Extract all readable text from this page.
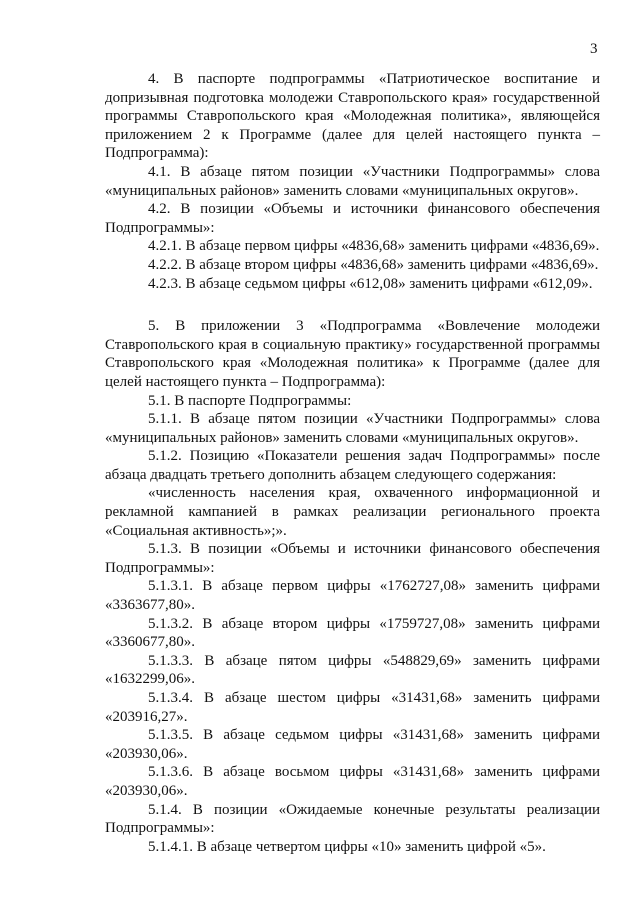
3

4. В паспорте подпрограммы «Патриотическое воспитание и допризывная подготовка молодежи Ставропольского края» государственной программы Ставропольского края «Молодежная политика», являющейся приложением 2 к Программе (далее для целей настоящего пункта – Подпрограмма):

4.1. В абзаце пятом позиции «Участники Подпрограммы» слова «муниципальных районов» заменить словами «муниципальных округов».

4.2. В позиции «Объемы и источники финансового обеспечения Подпрограммы»:

4.2.1. В абзаце первом цифры «4836,68» заменить цифрами «4836,69».

4.2.2. В абзаце втором цифры «4836,68» заменить цифрами «4836,69».

4.2.3. В абзаце седьмом цифры «612,08» заменить цифрами «612,09».

5. В приложении 3 «Подпрограмма «Вовлечение молодежи Ставропольского края в социальную практику» государственной программы Ставропольского края «Молодежная политика» к Программе (далее для целей настоящего пункта – Подпрограмма):

5.1. В паспорте Подпрограммы:

5.1.1. В абзаце пятом позиции «Участники Подпрограммы» слова «муниципальных районов» заменить словами «муниципальных округов».

5.1.2. Позицию «Показатели решения задач Подпрограммы» после абзаца двадцать третьего дополнить абзацем следующего содержания:

«численность населения края, охваченного информационной и рекламной кампанией в рамках реализации регионального проекта «Социальная активность»;».

5.1.3. В позиции «Объемы и источники финансового обеспечения Подпрограммы»:

5.1.3.1. В абзаце первом цифры «1762727,08» заменить цифрами «3363677,80».

5.1.3.2. В абзаце втором цифры «1759727,08» заменить цифрами «3360677,80».

5.1.3.3. В абзаце пятом цифры «548829,69» заменить цифрами «1632299,06».

5.1.3.4. В абзаце шестом цифры «31431,68» заменить цифрами «203916,27».

5.1.3.5. В абзаце седьмом цифры «31431,68» заменить цифрами «203930,06».

5.1.3.6. В абзаце восьмом цифры «31431,68» заменить цифрами «203930,06».

5.1.4. В позиции «Ожидаемые конечные результаты реализации Подпрограммы»:

5.1.4.1. В абзаце четвертом цифры «10» заменить цифрой «5».
